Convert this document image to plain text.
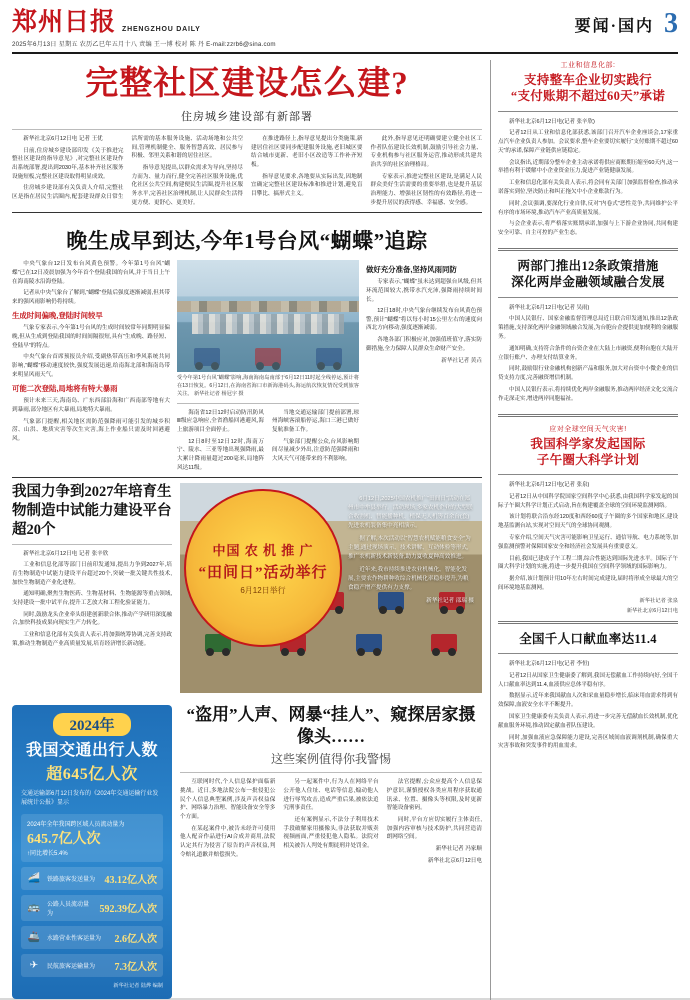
郑州日报 ZHENGZHOU DAILY
2025年6月13日 星期五 农历乙巳年五月十八 责编 王一博 校对 陈 丹 E-mail:zzrb6@sina.com
要闻·国内 3
完整社区建设怎么建?
住房城乡建设部有新部署

新华社北京6月12日电 记者 王优

日前,住房城乡建设部印发《关于推进完整社区建设的指导意见》,对完整社区建设作出系统部署,提出到2030年,基本补齐社区服务设施短板,完整社区建设取得明显成效。

住房城乡建设部有关负责人介绍,完整社区是指在居民生活圈内,配套建设群众日常生活所需的基本服务设施、活动场地和公共空间,管理机制健全、服务智慧高效、居民参与积极、邻里关系和谐的居住社区。

指导意见提出,以群众需求为导向,坚持尽力而为、量力而行,健全完善社区服务设施,优化社区公共空间,构建便民生活圈,提升社区服务水平,完善社区治理机制,让人民群众生活得更方便、更舒心、更美好。

在推进路径上,指导意见提出分类施策,新建居住社区要同步配建服务设施,老旧城区要结合城市更新、老旧小区改造等工作补齐短板。

指导意见要求,各地要从实际出发,因地制宜确定完整社区建设标准和推进计划,避免盲目攀比、搞形式主义。

此外,指导意见还明确要建立健全社区工作者队伍建设长效机制,鼓励引导社会力量、专业机构参与社区服务运营,推动形成共建共治共享的社区治理格局。

专家表示,推进完整社区建设,是满足人民群众美好生活需要的重要举措,也是提升基层治理能力、增强社区韧性的有效路径,将进一步提升居民的获得感、幸福感、安全感。

晚生成早到达,今年1号台风“蝴蝶”追踪

中央气象台12日发布台风黄色预警。今年第1号台风“蝴蝶”已在12日凌晨加强为今年首个登陆我国的台风,并于当日上午在海南陵水沿海登陆。

记者从中央气象台了解到,“蝴蝶”登陆后强度逐渐减弱,但其带来的强风雨影响仍将持续。

生成时间偏晚,登陆时间较早

气象专家表示,今年第1号台风的生成时间较常年同期明显偏晚,但从生成到登陆我国的时间间隔很短,具有“生成晚、路径短、登陆早”的特点。

中央气象台首席预报员介绍,受副热带高压和季风系统共同影响,“蝴蝶”移动速度较快,强度发展迅速,给南海北部和海南岛带来明显风雨天气。

可能二次登陆,局地将有特大暴雨

预计未来三天,海南岛、广东西部沿海和广西南部等地有大到暴雨,部分地区有大暴雨,局地特大暴雨。

气象部门提醒,相关地区需防范强降雨可能引发的城乡积涝、山洪、地质灾害等次生灾害,海上作业船只需及时回港避风。

受今年第1号台风“蝴蝶”影响,海南海南岛南部于6月12日11时起全线停运,预计将在13日恢复。6月12日,在海南省海口市新海港码头,海运航次恢复情况受到旅客关注。 新华社记者 杨冠宇 摄

海南省12日12时启动防汛防风Ⅲ级应急响应,全省渔船回港避风,海上旅游项目全面停止。

12日8时至12日12时,海南万宁、陵水、三亚等地出现强降雨,最大累计降雨量超过200毫米,局地阵风达11级。

当地交通运输部门提前部署,琼州海峡客滚船停运,海口三港已做好复航准备工作。

气象部门提醒公众,台风影响期间尽量减少外出,注意防范强降雨和大风天气可能带来的不利影响。

做好充分准备,坚持风雨同防

专家表示,“蝴蝶”虽未达到超强台风级,但其环流范围较大,携带水汽充沛,强降雨持续时间长。

12日18时,中央气象台继续发布台风黄色预警,预计“蝴蝶”将以每小时15公里左右的速度向西北方向移动,强度逐渐减弱。

各地各部门积极应对,加强值班值守,落实防御措施,全力保障人民群众生命财产安全。

新华社记者 黄垚
我国力争到2027年培育生物制造中试能力建设平台超20个

新华社北京6月12日电 记者 张辛欣

工业和信息化部等部门日前印发通知,提出力争到2027年,培育生物制造中试能力建设平台超过20个,突破一批关键共性技术,加快生物制造产业化进程。

通知明确,聚焦生物医药、生物基材料、生物能源等重点领域,支持建设一批中试平台,提升工艺放大和工程化验证能力。

同时,鼓励龙头企业牵头组建创新联合体,推动产学研用深度融合,加快科技成果向现实生产力转化。

工业和信息化部有关负责人表示,将加强统筹协调,完善支持政策,推动生物制造产业高质量发展,培育经济增长新动能。

中国 农 机 推 广
“田间日”活动举行
6月12日举行

6月12日,2025中国农机推广“田间日”活动在郑州市中牟县举行。活动现场,多家农机企业的大型联合收割机、智能播种机、植保无人机等百余台(套)先进农机装备集中亮相演示。

据了解,本次活动以“智慧农机赋能粮食安全”为主题,通过现场演示、技术讲解、互动体验等形式,推广农机新技术新装备,助力夏收夏种高效推进。

近年来,我市持续推进农业机械化、智能化发展,主要农作物耕种收综合机械化率稳步提升,为粮食稳产增产提供有力支撑。

新华社记者 邵瑞 摄
2024年
我国交通出行人数
超645亿人次
交通运输部6月12日发布的《2024年交通运输行业发展统计公报》显示
2024年全年我国跨区域人员流动量为
645.7亿人次
↑同比增长5.4%
🚄 铁路旅客发送量为 43.12亿人次
🚌 公路人员流动量为	592.39亿人次
🚢 水路营业性客运量为	2.6亿人次
✈	民航旅客运输量为	7.3亿人次
新华社记者 陆烨 编制
“盗用”人声、网暴“挂人”、窥探居家摄像头……
这些案例值得你我警惕

互联网时代,个人信息保护面临新挑战。近日,多地法院公布一批侵犯公民个人信息典型案例,涉及声音权益保护、网络暴力治理、智能设备安全等多个方面。

在某起案件中,被告未经许可使用他人配音作品进行AI合成并商用,法院认定其行为侵害了原告的声音权益,判令赔礼道歉并赔偿损失。

另一起案件中,行为人在网络平台公开他人住址、电话等信息,煽动他人进行辱骂攻击,造成严重后果,被依法追究刑事责任。

还有案例显示,不法分子利用技术手段破解家用摄像头,非法获取并贩卖视频画面,严重侵犯他人隐私。法院对相关被告人判处有期徒刑并处罚金。

法官提醒,公众应提高个人信息保护意识,谨慎授权各类应用程序获取通讯录、位置、摄像头等权限,及时更新智能设备密码。

同时,平台方应切实履行主体责任,加强内容审核与技术防护,共同营造清朗网络空间。

新华社记者 冯家顺

新华社北京6月12日电

工业和信息化部:
支持整车企业切实践行
“支付账期不超过60天”承诺

新华社北京6月12日电(记者 张辛欣)

记者12日从工业和信息化部获悉,该部门召开汽车企业座谈会,17家重点汽车企业负责人参加。会议要求,整车企业要切实履行“支付账期不超过60天”的承诺,保障产业链供应链稳定。

会议指出,近期部分整车企业主动承诺将供应商账期压缩至60天内,这一举措有利于缓解中小企业资金压力,促进产业链健康发展。

工业和信息化部有关负责人表示,将会同有关部门加强监督检查,推动承诺落实到位,坚决防止和纠正拖欠中小企业账款行为。

同时,会议强调,要深化行业自律,反对“内卷式”恶性竞争,共同维护公平有序的市场环境,推动汽车产业高质量发展。

与会企业表示,将严格落实账期承诺,加强与上下游企业协同,共同构建安全可靠、自主可控的产业生态。

两部门推出12条政策措施
深化两岸金融领域融合发展

新华社北京6月12日电(记者 吴雨)

中国人民银行、国家金融监督管理总局近日联合印发通知,推出12条政策措施,支持深化两岸金融领域融合发展,为台胞台企提供更加便利的金融服务。

通知明确,支持符合条件的台资企业在大陆上市融资,便利台胞在大陆开立银行账户、办理支付结算业务。

同时,鼓励银行业金融机构创新产品和服务,加大对台资中小微企业的信贷支持力度,完善融资增信机制。

中国人民银行表示,将持续优化两岸金融服务,推动两岸经济文化交流合作走深走实,增进两岸同胞福祉。

应对全球空间天气灾害!
我国科学家发起国际
子午圈大科学计划

新华社北京6月12日电(记者 张泉)

记者12日从中国科学院国家空间科学中心获悉,由我国科学家发起的国际子午圈大科学计划正式启动,旨在构建覆盖全球的空间环境监测网络。

该计划将联合沿东经120度和西经60度子午圈的多个国家和地区,建设地基监测台站,实现对空间天气的全球协同观测。

专家介绍,空间天气灾害可能影响卫星运行、通信导航、电力系统等,加强监测预警对保障国家安全和经济社会发展具有重要意义。

目前,我国已建成子午工程二期,综合性能达到国际先进水平。国际子午圈大科学计划的实施,将进一步提升我国在空间科学领域的国际影响力。

据介绍,该计划预计用10年左右时间完成建设,届时将形成全球最大的空间环境地基监测网。

新华社记者 张泉
新华社北京6月12日电
全国千人口献血率达11.4

新华社北京6月12日电(记者 李恒)

记者12日从国家卫生健康委了解到,我国无偿献血工作持续向好,全国千人口献血率达到11.4,血液供应总体平稳有序。

数据显示,近年来我国献血人次和采血量稳步增长,临床用血需求得到有效保障,血液安全水平不断提升。

国家卫生健康委有关负责人表示,将进一步完善无偿献血长效机制,优化献血服务环境,推动固定献血者队伍建设。

同时,加强血液应急保障能力建设,完善区域间血液调剂机制,确保重大灾害事故和突发事件的用血需求。
